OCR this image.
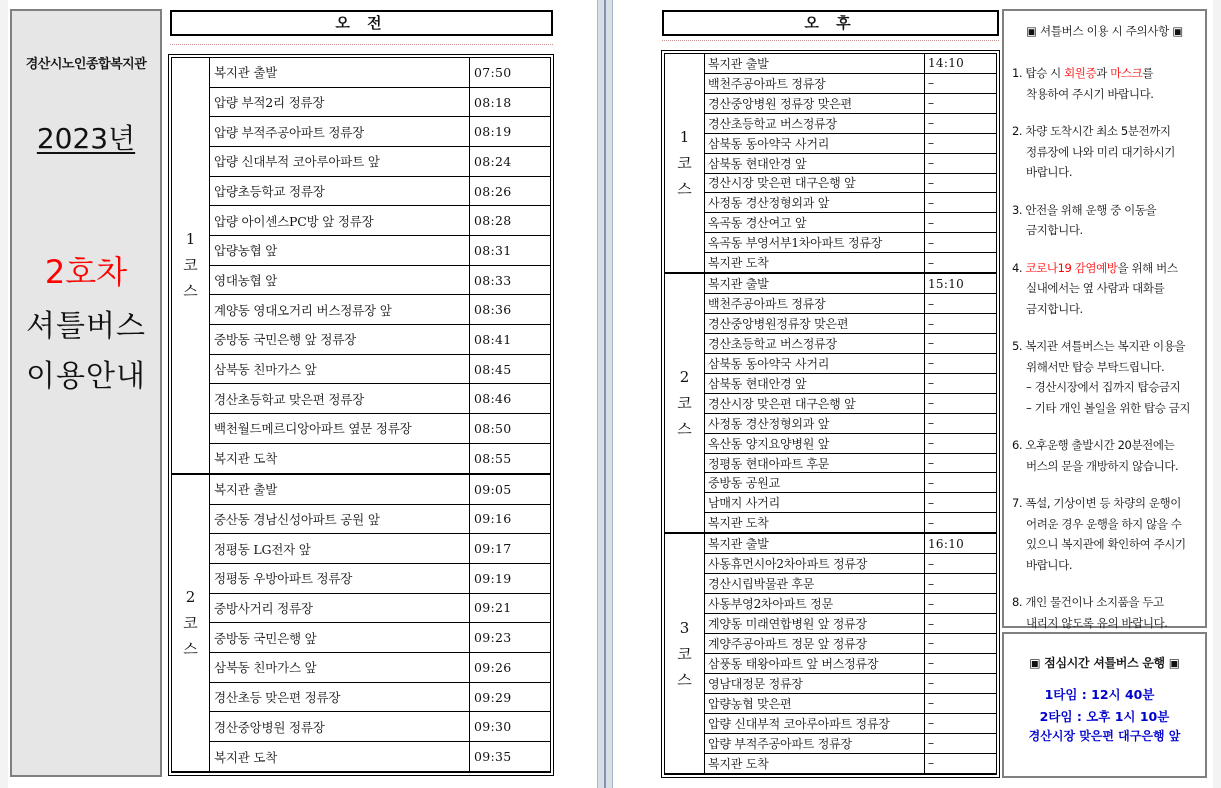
경산시노인종합복지관
2023년
2호차
셔틀버스
이용안내
오 전
1
코
스	복지관 출발	07:50
	압량 부적2리 정류장	08:18
	압량 부적주공아파트 정류장	08:19
	압량 신대부적 코아루아파트 앞	08:24
	압량초등학교 정류장	08:26
	압량 아이센스PC방 앞 정류장	08:28
	압량농협 앞	08:31
	영대농협 앞	08:33
	계양동 영대오거리 버스정류장 앞	08:36
	중방동 국민은행 앞 정류장	08:41
	삼북동 친마가스 앞	08:45
	경산초등학교 맞은편 정류장	08:46
	백천월드메르디앙아파트 옆문 정류장	08:50
	복지관 도착	08:55
2
코
스	복지관 출발	09:05
	중산동 경남신성아파트 공원 앞	09:16
	정평동 LG전자 앞	09:17
	정평동 우방아파트 정류장	09:19
	중방사거리 정류장	09:21
	중방동 국민은행 앞	09:23
	삼북동 친마가스 앞	09:26
	경산초등 맞은편 정류장	09:29
	경산중앙병원 정류장	09:30
	복지관 도착	09:35
오 후
1
코
스	복지관 출발	14:10
	백천주공아파트 정류장	–
	경산중앙병원 정류장 맞은편	–
	경산초등학교 버스정류장	–
	삼북동 동아약국 사거리	–
	삼북동 현대안경 앞	–
	경산시장 맞은편 대구은행 앞	–
	사정동 경산정형외과 앞	–
	옥곡동 경산여고 앞	–
	옥곡동 부영서부1차아파트 정류장	–
	복지관 도착	–
2
코
스	복지관 출발	15:10
	백천주공아파트 정류장	–
	경산중앙병원정류장 맞은편	–
	경산초등학교 버스정류장	–
	삼북동 동아약국 사거리	–
	삼북동 현대안경 앞	–
	경산시장 맞은편 대구은행 앞	–
	사정동 경산정형외과 앞	–
	옥산동 양지요양병원 앞	–
	정평동 현대아파트 후문	–
	중방동 공원교	–
	남매지 사거리	–
	복지관 도착	–
3
코
스	복지관 출발	16:10
	사동휴먼시아2차아파트 정류장	–
	경산시립박물관 후문	–
	사동부영2차아파트 정문	–
	계양동 미래연합병원 앞 정류장	–
	계양주공아파트 정문 앞 정류장	–
	삼풍동 태왕아파트 앞 버스정류장	–
	영남대정문 정류장	–
	압량농협 맞은편	–
	압량 신대부적 코아루아파트 정류장	–
	압량 부적주공아파트 정류장	–
	복지관 도착	–
▣ 셔틀버스 이용 시 주의사항 ▣
1. 탑승 시 회원증과 마스크를
착용하여 주시기 바랍니다.
2. 차량 도착시간 최소 5분전까지
정류장에 나와 미리 대기하시기
바랍니다.
3. 안전을 위해 운행 중 이동을
금지합니다.
4. 코로나19 감염예방을 위해 버스
실내에서는 옆 사람과 대화를
금지합니다.
5. 복지관 셔틀버스는 복지관 이용을
위해서만 탑승 부탁드립니다.
– 경산시장에서 집까지 탑승금지
– 기타 개인 볼일을 위한 탑승 금지
6. 오후운행 출발시간 20분전에는
버스의 문을 개방하지 않습니다.
7. 폭설, 기상이변 등 차량의 운행이
어려운 경우 운행을 하지 않을 수
있으니 복지관에 확인하여 주시기
바랍니다.
8. 개인 물건이나 소지품을 두고
내리지 않도록 유의 바랍니다.
▣ 점심시간 셔틀버스 운행 ▣
1타임 : 12시 40분
2타임 : 오후 1시 10분
경산시장 맞은편 대구은행 앞
